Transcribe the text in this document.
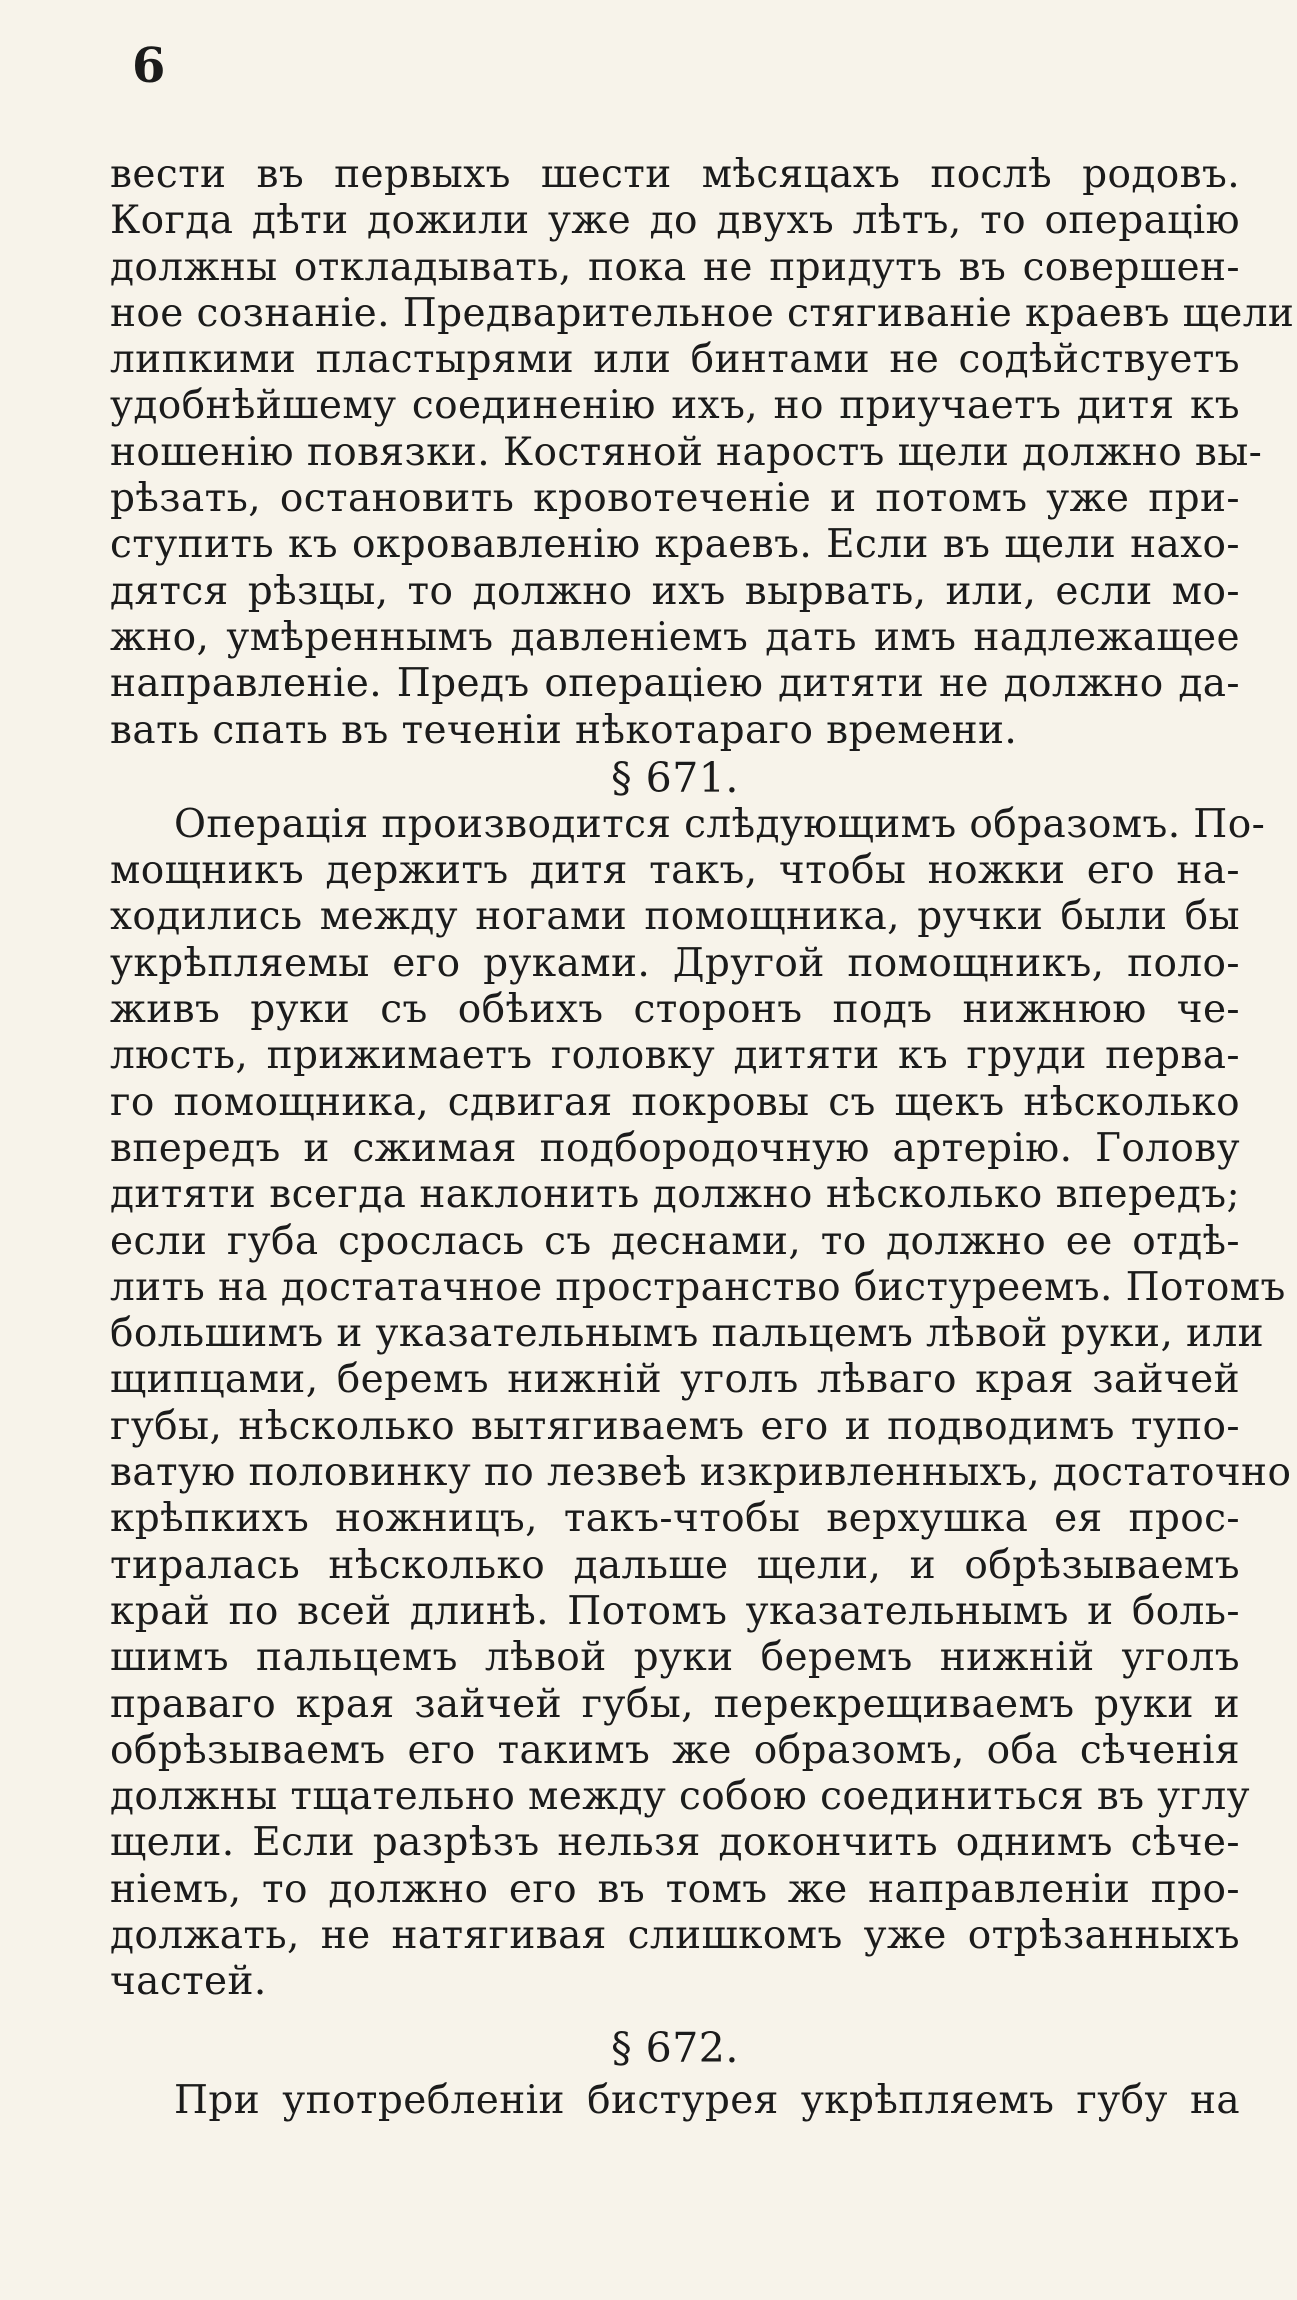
6
вести въ первыхъ шести мѣсяцахъ послѣ родовъ.
Когда дѣти дожили уже до двухъ лѣтъ, то операцію
должны откладывать, пока не придутъ въ совершен-
ное сознаніе. Предварительное стягиваніе краевъ щели
липкими пластырями или бинтами не содѣйствуетъ
удобнѣйшему соединенію ихъ, но приучаетъ дитя къ
ношенію повязки. Костяной наростъ щели должно вы-
рѣзать, остановить кровотеченіе и потомъ уже при-
ступить къ окровавленію краевъ. Если въ щели нахо-
дятся рѣзцы, то должно ихъ вырвать, или, если мо-
жно, умѣреннымъ давленіемъ дать имъ надлежащее
направленіе. Предъ операціею дитяти не должно да-
вать спать въ теченіи нѣкотараго времени.
§ 671.
Операція производится слѣдующимъ образомъ. По-
мощникъ держитъ дитя такъ, чтобы ножки его на-
ходились между ногами помощника, ручки были бы
укрѣпляемы его руками. Другой помощникъ, поло-
живъ руки съ обѣихъ сторонъ подъ нижнюю че-
люсть, прижимаетъ головку дитяти къ груди перва-
го помощника, сдвигая покровы съ щекъ нѣсколько
впередъ и сжимая подбородочную артерію. Голову
дитяти всегда наклонить должно нѣсколько впередъ;
если губа срослась съ деснами, то должно ее отдѣ-
лить на достатачное пространство бистуреемъ. Потомъ
большимъ и указательнымъ пальцемъ лѣвой руки, или
щипцами, беремъ нижній уголъ лѣваго края зайчей
губы, нѣсколько вытягиваемъ его и подводимъ тупо-
ватую половинку по лезвеѣ изкривленныхъ, достаточно
крѣпкихъ ножницъ, такъ-чтобы верхушка ея прос-
тиралась нѣсколько дальше щели, и обрѣзываемъ
край по всей длинѣ. Потомъ указательнымъ и боль-
шимъ пальцемъ лѣвой руки беремъ нижній уголъ
праваго края зайчей губы, перекрещиваемъ руки и
обрѣзываемъ его такимъ же образомъ, оба сѣченія
должны тщательно между собою соединиться въ углу
щели. Если разрѣзъ нельзя докончить однимъ сѣче-
ніемъ, то должно его въ томъ же направленіи про-
должать, не натягивая слишкомъ уже отрѣзанныхъ
частей.
§ 672.
При употребленіи бистурея укрѣпляемъ губу на
